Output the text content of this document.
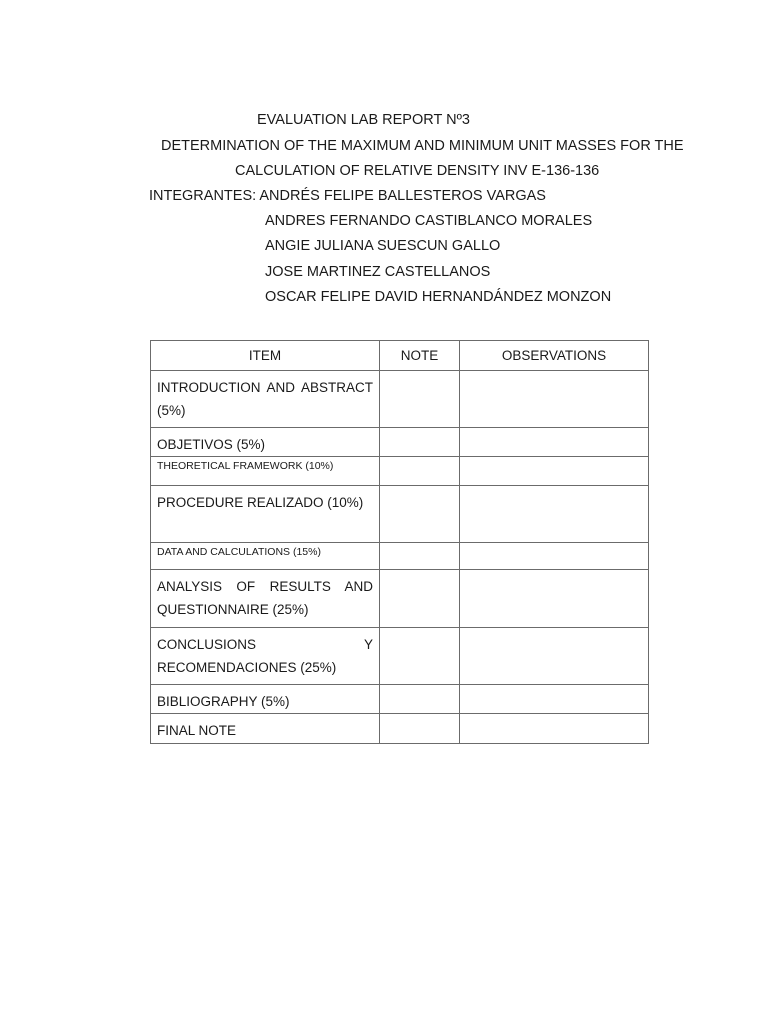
EVALUATION LAB REPORT Nº3
DETERMINATION OF THE MAXIMUM AND MINIMUM UNIT MASSES FOR THE
CALCULATION OF RELATIVE DENSITY INV E-136-136
INTEGRANTES: ANDRÉS FELIPE BALLESTEROS VARGAS
ANDRES FERNANDO CASTIBLANCO MORALES
ANGIE JULIANA SUESCUN GALLO
JOSE MARTINEZ CASTELLANOS
OSCAR FELIPE DAVID HERNANDÁNDEZ MONZON
ITEM	NOTE	OBSERVATIONS
INTRODUCTION AND ABSTRACT (5%)		
OBJETIVOS (5%)		
THEORETICAL FRAMEWORK (10%)		
PROCEDURE REALIZADO (10%)		
DATA AND CALCULATIONS (15%)		
ANALYSIS OF RESULTS AND QUESTIONNAIRE (25%)		
CONCLUSIONS Y RECOMENDACIONES (25%)		
BIBLIOGRAPHY (5%)		
FINAL NOTE		
